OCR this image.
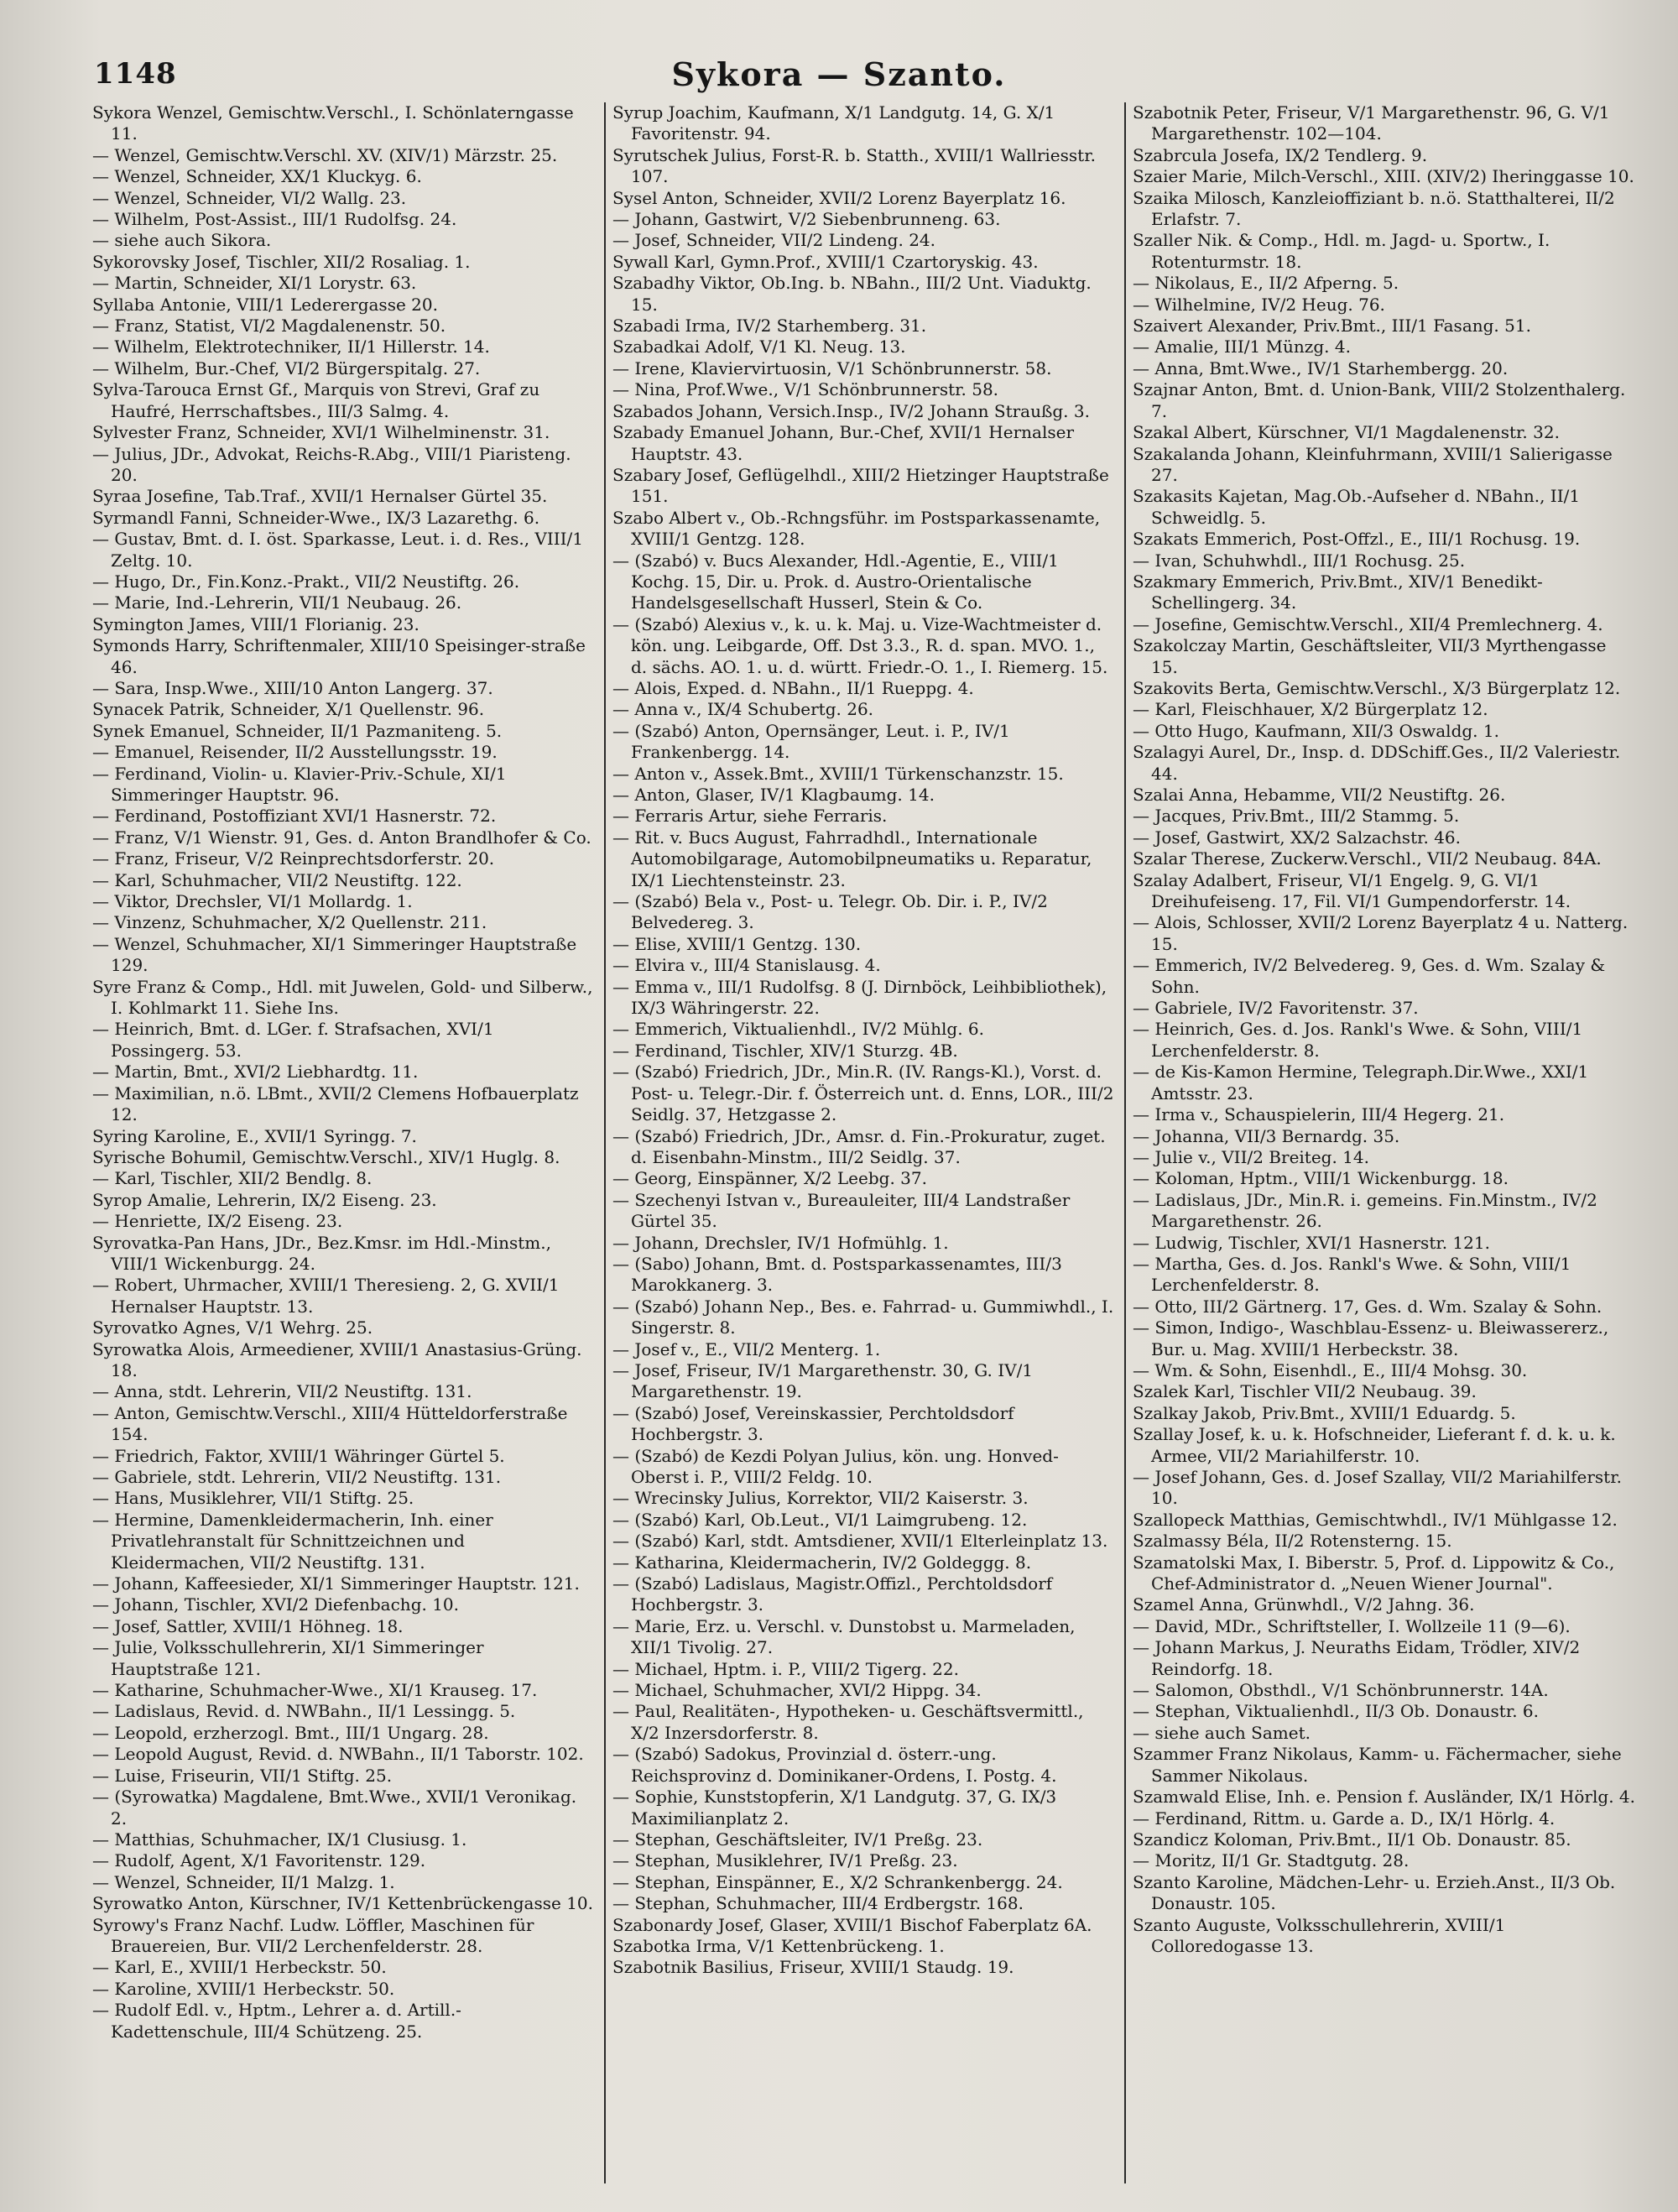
1148	Sykora — Szanto.

Sykora Wenzel, Gemischtw.Verschl., I. Schönlaterngasse 11.

— Wenzel, Gemischtw.Verschl. XV. (XIV/1) Märzstr. 25.

— Wenzel, Schneider, XX/1 Kluckyg. 6.

— Wenzel, Schneider, VI/2 Wallg. 23.

— Wilhelm, Post-Assist., III/1 Rudolfsg. 24.

— siehe auch Sikora.

Sykorovsky Josef, Tischler, XII/2 Rosaliag. 1.

— Martin, Schneider, XI/1 Lorystr. 63.

Syllaba Antonie, VIII/1 Lederergasse 20.

— Franz, Statist, VI/2 Magdalenenstr. 50.

— Wilhelm, Elektrotechniker, II/1 Hillerstr. 14.

— Wilhelm, Bur.-Chef, VI/2 Bürgerspitalg. 27.

Sylva-Tarouca Ernst Gf., Marquis von Strevi, Graf zu Haufré, Herrschaftsbes., III/3 Salmg. 4.

Sylvester Franz, Schneider, XVI/1 Wilhelminenstr. 31.

— Julius, JDr., Advokat, Reichs-R.Abg., VIII/1 Piaristeng. 20.

Syraa Josefine, Tab.Traf., XVII/1 Hernalser Gürtel 35.

Syrmandl Fanni, Schneider-Wwe., IX/3 Lazarethg. 6.

— Gustav, Bmt. d. I. öst. Sparkasse, Leut. i. d. Res., VIII/1 Zeltg. 10.

— Hugo, Dr., Fin.Konz.-Prakt., VII/2 Neustiftg. 26.

— Marie, Ind.-Lehrerin, VII/1 Neubaug. 26.

Symington James, VIII/1 Florianig. 23.

Symonds Harry, Schriftenmaler, XIII/10 Speisinger-straße 46.

— Sara, Insp.Wwe., XIII/10 Anton Langerg. 37.

Synacek Patrik, Schneider, X/1 Quellenstr. 96.

Synek Emanuel, Schneider, II/1 Pazmaniteng. 5.

— Emanuel, Reisender, II/2 Ausstellungsstr. 19.

— Ferdinand, Violin- u. Klavier-Priv.-Schule, XI/1 Simmeringer Hauptstr. 96.

— Ferdinand, Postoffiziant XVI/1 Hasnerstr. 72.

— Franz, V/1 Wienstr. 91, Ges. d. Anton Brandlhofer & Co.

— Franz, Friseur, V/2 Reinprechtsdorferstr. 20.

— Karl, Schuhmacher, VII/2 Neustiftg. 122.

— Viktor, Drechsler, VI/1 Mollardg. 1.

— Vinzenz, Schuhmacher, X/2 Quellenstr. 211.

— Wenzel, Schuhmacher, XI/1 Simmeringer Hauptstraße 129.

Syre Franz & Comp., Hdl. mit Juwelen, Gold- und Silberw., I. Kohlmarkt 11. Siehe Ins.

— Heinrich, Bmt. d. LGer. f. Strafsachen, XVI/1 Possingerg. 53.

— Martin, Bmt., XVI/2 Liebhardtg. 11.

— Maximilian, n.ö. LBmt., XVII/2 Clemens Hofbauerplatz 12.

Syring Karoline, E., XVII/1 Syringg. 7.

Syrische Bohumil, Gemischtw.Verschl., XIV/1 Huglg. 8.

— Karl, Tischler, XII/2 Bendlg. 8.

Syrop Amalie, Lehrerin, IX/2 Eiseng. 23.

— Henriette, IX/2 Eiseng. 23.

Syrovatka-Pan Hans, JDr., Bez.Kmsr. im Hdl.-Minstm., VIII/1 Wickenburgg. 24.

— Robert, Uhrmacher, XVIII/1 Theresieng. 2, G. XVII/1 Hernalser Hauptstr. 13.

Syrovatko Agnes, V/1 Wehrg. 25.

Syrowatka Alois, Armeediener, XVIII/1 Anastasius-Grüng. 18.

— Anna, stdt. Lehrerin, VII/2 Neustiftg. 131.

— Anton, Gemischtw.Verschl., XIII/4 Hütteldorferstraße 154.

— Friedrich, Faktor, XVIII/1 Währinger Gürtel 5.

— Gabriele, stdt. Lehrerin, VII/2 Neustiftg. 131.

— Hans, Musiklehrer, VII/1 Stiftg. 25.

— Hermine, Damenkleidermacherin, Inh. einer Privatlehranstalt für Schnittzeichnen und Kleidermachen, VII/2 Neustiftg. 131.

— Johann, Kaffeesieder, XI/1 Simmeringer Hauptstr. 121.

— Johann, Tischler, XVI/2 Diefenbachg. 10.

— Josef, Sattler, XVIII/1 Höhneg. 18.

— Julie, Volksschullehrerin, XI/1 Simmeringer Hauptstraße 121.

— Katharine, Schuhmacher-Wwe., XI/1 Krauseg. 17.

— Ladislaus, Revid. d. NWBahn., II/1 Lessingg. 5.

— Leopold, erzherzogl. Bmt., III/1 Ungarg. 28.

— Leopold August, Revid. d. NWBahn., II/1 Taborstr. 102.

— Luise, Friseurin, VII/1 Stiftg. 25.

— (Syrowatka) Magdalene, Bmt.Wwe., XVII/1 Veronikag. 2.

— Matthias, Schuhmacher, IX/1 Clusiusg. 1.

— Rudolf, Agent, X/1 Favoritenstr. 129.

— Wenzel, Schneider, II/1 Malzg. 1.

Syrowatko Anton, Kürschner, IV/1 Kettenbrückengasse 10.

Syrowy's Franz Nachf. Ludw. Löffler, Maschinen für Brauereien, Bur. VII/2 Lerchenfelderstr. 28.

— Karl, E., XVIII/1 Herbeckstr. 50.

— Karoline, XVIII/1 Herbeckstr. 50.

— Rudolf Edl. v., Hptm., Lehrer a. d. Artill.-Kadettenschule, III/4 Schützeng. 25.

Syrup Joachim, Kaufmann, X/1 Landgutg. 14, G. X/1 Favoritenstr. 94.

Syrutschek Julius, Forst-R. b. Statth., XVIII/1 Wallriesstr. 107.

Sysel Anton, Schneider, XVII/2 Lorenz Bayerplatz 16.

— Johann, Gastwirt, V/2 Siebenbrunneng. 63.

— Josef, Schneider, VII/2 Lindeng. 24.

Sywall Karl, Gymn.Prof., XVIII/1 Czartoryskig. 43.

Szabadhy Viktor, Ob.Ing. b. NBahn., III/2 Unt. Viaduktg. 15.

Szabadi Irma, IV/2 Starhemberg. 31.

Szabadkai Adolf, V/1 Kl. Neug. 13.

— Irene, Klaviervirtuosin, V/1 Schönbrunnerstr. 58.

— Nina, Prof.Wwe., V/1 Schönbrunnerstr. 58.

Szabados Johann, Versich.Insp., IV/2 Johann Straußg. 3.

Szabady Emanuel Johann, Bur.-Chef, XVII/1 Hernalser Hauptstr. 43.

Szabary Josef, Geflügelhdl., XIII/2 Hietzinger Hauptstraße 151.

Szabo Albert v., Ob.-Rchngsführ. im Postsparkassenamte, XVIII/1 Gentzg. 128.

— (Szabó) v. Bucs Alexander, Hdl.-Agentie, E., VIII/1 Kochg. 15, Dir. u. Prok. d. Austro-Orientalische Handelsgesellschaft Husserl, Stein & Co.

— (Szabó) Alexius v., k. u. k. Maj. u. Vize-Wachtmeister d. kön. ung. Leibgarde, Off. Dst 3.3., R. d. span. MVO. 1., d. sächs. AO. 1. u. d. württ. Friedr.-O. 1., I. Riemerg. 15.

— Alois, Exped. d. NBahn., II/1 Rueppg. 4.

— Anna v., IX/4 Schubertg. 26.

— (Szabó) Anton, Opernsänger, Leut. i. P., IV/1 Frankenbergg. 14.

— Anton v., Assek.Bmt., XVIII/1 Türkenschanzstr. 15.

— Anton, Glaser, IV/1 Klagbaumg. 14.

— Ferraris Artur, siehe Ferraris.

— Rit. v. Bucs August, Fahrradhdl., Internationale Automobilgarage, Automobilpneumatiks u. Reparatur, IX/1 Liechtensteinstr. 23.

— (Szabó) Bela v., Post- u. Telegr. Ob. Dir. i. P., IV/2 Belvedereg. 3.

— Elise, XVIII/1 Gentzg. 130.

— Elvira v., III/4 Stanislausg. 4.

— Emma v., III/1 Rudolfsg. 8 (J. Dirnböck, Leihbibliothek), IX/3 Währingerstr. 22.

— Emmerich, Viktualienhdl., IV/2 Mühlg. 6.

— Ferdinand, Tischler, XIV/1 Sturzg. 4B.

— (Szabó) Friedrich, JDr., Min.R. (IV. Rangs-Kl.), Vorst. d. Post- u. Telegr.-Dir. f. Österreich unt. d. Enns, LOR., III/2 Seidlg. 37, Hetzgasse 2.

— (Szabó) Friedrich, JDr., Amsr. d. Fin.-Prokuratur, zuget. d. Eisenbahn-Minstm., III/2 Seidlg. 37.

— Georg, Einspänner, X/2 Leebg. 37.

— Szechenyi Istvan v., Bureauleiter, III/4 Landstraßer Gürtel 35.

— Johann, Drechsler, IV/1 Hofmühlg. 1.

— (Sabo) Johann, Bmt. d. Postsparkassenamtes, III/3 Marokkanerg. 3.

— (Szabó) Johann Nep., Bes. e. Fahrrad- u. Gummiwhdl., I. Singerstr. 8.

— Josef v., E., VII/2 Menterg. 1.

— Josef, Friseur, IV/1 Margarethenstr. 30, G. IV/1 Margarethenstr. 19.

— (Szabó) Josef, Vereinskassier, Perchtoldsdorf Hochbergstr. 3.

— (Szabó) de Kezdi Polyan Julius, kön. ung. Honved-Oberst i. P., VIII/2 Feldg. 10.

— Wrecinsky Julius, Korrektor, VII/2 Kaiserstr. 3.

— (Szabó) Karl, Ob.Leut., VI/1 Laimgrubeng. 12.

— (Szabó) Karl, stdt. Amtsdiener, XVII/1 Elterleinplatz 13.

— Katharina, Kleidermacherin, IV/2 Goldeggg. 8.

— (Szabó) Ladislaus, Magistr.Offizl., Perchtoldsdorf Hochbergstr. 3.

— Marie, Erz. u. Verschl. v. Dunstobst u. Marmeladen, XII/1 Tivolig. 27.

— Michael, Hptm. i. P., VIII/2 Tigerg. 22.

— Michael, Schuhmacher, XVI/2 Hippg. 34.

— Paul, Realitäten-, Hypotheken- u. Geschäftsvermittl., X/2 Inzersdorferstr. 8.

— (Szabó) Sadokus, Provinzial d. österr.-ung. Reichsprovinz d. Dominikaner-Ordens, I. Postg. 4.

— Sophie, Kunststopferin, X/1 Landgutg. 37, G. IX/3 Maximilianplatz 2.

— Stephan, Geschäftsleiter, IV/1 Preßg. 23.

— Stephan, Musiklehrer, IV/1 Preßg. 23.

— Stephan, Einspänner, E., X/2 Schrankenbergg. 24.

— Stephan, Schuhmacher, III/4 Erdbergstr. 168.

Szabonardy Josef, Glaser, XVIII/1 Bischof Faberplatz 6A.

Szabotka Irma, V/1 Kettenbrückeng. 1.

Szabotnik Basilius, Friseur, XVIII/1 Staudg. 19.

Szabotnik Peter, Friseur, V/1 Margarethenstr. 96, G. V/1 Margarethenstr. 102—104.

Szabrcula Josefa, IX/2 Tendlerg. 9.

Szaier Marie, Milch-Verschl., XIII. (XIV/2) Iheringgasse 10.

Szaika Milosch, Kanzleioffiziant b. n.ö. Statthalterei, II/2 Erlafstr. 7.

Szaller Nik. & Comp., Hdl. m. Jagd- u. Sportw., I. Rotenturmstr. 18.

— Nikolaus, E., II/2 Afperng. 5.

— Wilhelmine, IV/2 Heug. 76.

Szaivert Alexander, Priv.Bmt., III/1 Fasang. 51.

— Amalie, III/1 Münzg. 4.

— Anna, Bmt.Wwe., IV/1 Starhembergg. 20.

Szajnar Anton, Bmt. d. Union-Bank, VIII/2 Stolzenthalerg. 7.

Szakal Albert, Kürschner, VI/1 Magdalenenstr. 32.

Szakalanda Johann, Kleinfuhrmann, XVIII/1 Salierigasse 27.

Szakasits Kajetan, Mag.Ob.-Aufseher d. NBahn., II/1 Schweidlg. 5.

Szakats Emmerich, Post-Offzl., E., III/1 Rochusg. 19.

— Ivan, Schuhwhdl., III/1 Rochusg. 25.

Szakmary Emmerich, Priv.Bmt., XIV/1 Benedikt-Schellingerg. 34.

— Josefine, Gemischtw.Verschl., XII/4 Premlechnerg. 4.

Szakolczay Martin, Geschäftsleiter, VII/3 Myrthengasse 15.

Szakovits Berta, Gemischtw.Verschl., X/3 Bürgerplatz 12.

— Karl, Fleischhauer, X/2 Bürgerplatz 12.

— Otto Hugo, Kaufmann, XII/3 Oswaldg. 1.

Szalagyi Aurel, Dr., Insp. d. DDSchiff.Ges., II/2 Valeriestr. 44.

Szalai Anna, Hebamme, VII/2 Neustiftg. 26.

— Jacques, Priv.Bmt., III/2 Stammg. 5.

— Josef, Gastwirt, XX/2 Salzachstr. 46.

Szalar Therese, Zuckerw.Verschl., VII/2 Neubaug. 84A.

Szalay Adalbert, Friseur, VI/1 Engelg. 9, G. VI/1 Dreihufeiseng. 17, Fil. VI/1 Gumpendorferstr. 14.

— Alois, Schlosser, XVII/2 Lorenz Bayerplatz 4 u. Natterg. 15.

— Emmerich, IV/2 Belvedereg. 9, Ges. d. Wm. Szalay & Sohn.

— Gabriele, IV/2 Favoritenstr. 37.

— Heinrich, Ges. d. Jos. Rankl's Wwe. & Sohn, VIII/1 Lerchenfelderstr. 8.

— de Kis-Kamon Hermine, Telegraph.Dir.Wwe., XXI/1 Amtsstr. 23.

— Irma v., Schauspielerin, III/4 Hegerg. 21.

— Johanna, VII/3 Bernardg. 35.

— Julie v., VII/2 Breiteg. 14.

— Koloman, Hptm., VIII/1 Wickenburgg. 18.

— Ladislaus, JDr., Min.R. i. gemeins. Fin.Minstm., IV/2 Margarethenstr. 26.

— Ludwig, Tischler, XVI/1 Hasnerstr. 121.

— Martha, Ges. d. Jos. Rankl's Wwe. & Sohn, VIII/1 Lerchenfelderstr. 8.

— Otto, III/2 Gärtnerg. 17, Ges. d. Wm. Szalay & Sohn.

— Simon, Indigo-, Waschblau-Essenz- u. Bleiwassererz., Bur. u. Mag. XVIII/1 Herbeckstr. 38.

— Wm. & Sohn, Eisenhdl., E., III/4 Mohsg. 30.

Szalek Karl, Tischler VII/2 Neubaug. 39.

Szalkay Jakob, Priv.Bmt., XVIII/1 Eduardg. 5.

Szallay Josef, k. u. k. Hofschneider, Lieferant f. d. k. u. k. Armee, VII/2 Mariahilferstr. 10.

— Josef Johann, Ges. d. Josef Szallay, VII/2 Mariahilferstr. 10.

Szallopeck Matthias, Gemischtwhdl., IV/1 Mühlgasse 12.

Szalmassy Béla, II/2 Rotensterng. 15.

Szamatolski Max, I. Biberstr. 5, Prof. d. Lippowitz & Co., Chef-Administrator d. „Neuen Wiener Journal".

Szamel Anna, Grünwhdl., V/2 Jahng. 36.

— David, MDr., Schriftsteller, I. Wollzeile 11 (9—6).

— Johann Markus, J. Neuraths Eidam, Trödler, XIV/2 Reindorfg. 18.

— Salomon, Obsthdl., V/1 Schönbrunnerstr. 14A.

— Stephan, Viktualienhdl., II/3 Ob. Donaustr. 6.

— siehe auch Samet.

Szammer Franz Nikolaus, Kamm- u. Fächermacher, siehe Sammer Nikolaus.

Szamwald Elise, Inh. e. Pension f. Ausländer, IX/1 Hörlg. 4.

— Ferdinand, Rittm. u. Garde a. D., IX/1 Hörlg. 4.

Szandicz Koloman, Priv.Bmt., II/1 Ob. Donaustr. 85.

— Moritz, II/1 Gr. Stadtgutg. 28.

Szanto Karoline, Mädchen-Lehr- u. Erzieh.Anst., II/3 Ob. Donaustr. 105.

Szanto Auguste, Volksschullehrerin, XVIII/1 Colloredogasse 13.
